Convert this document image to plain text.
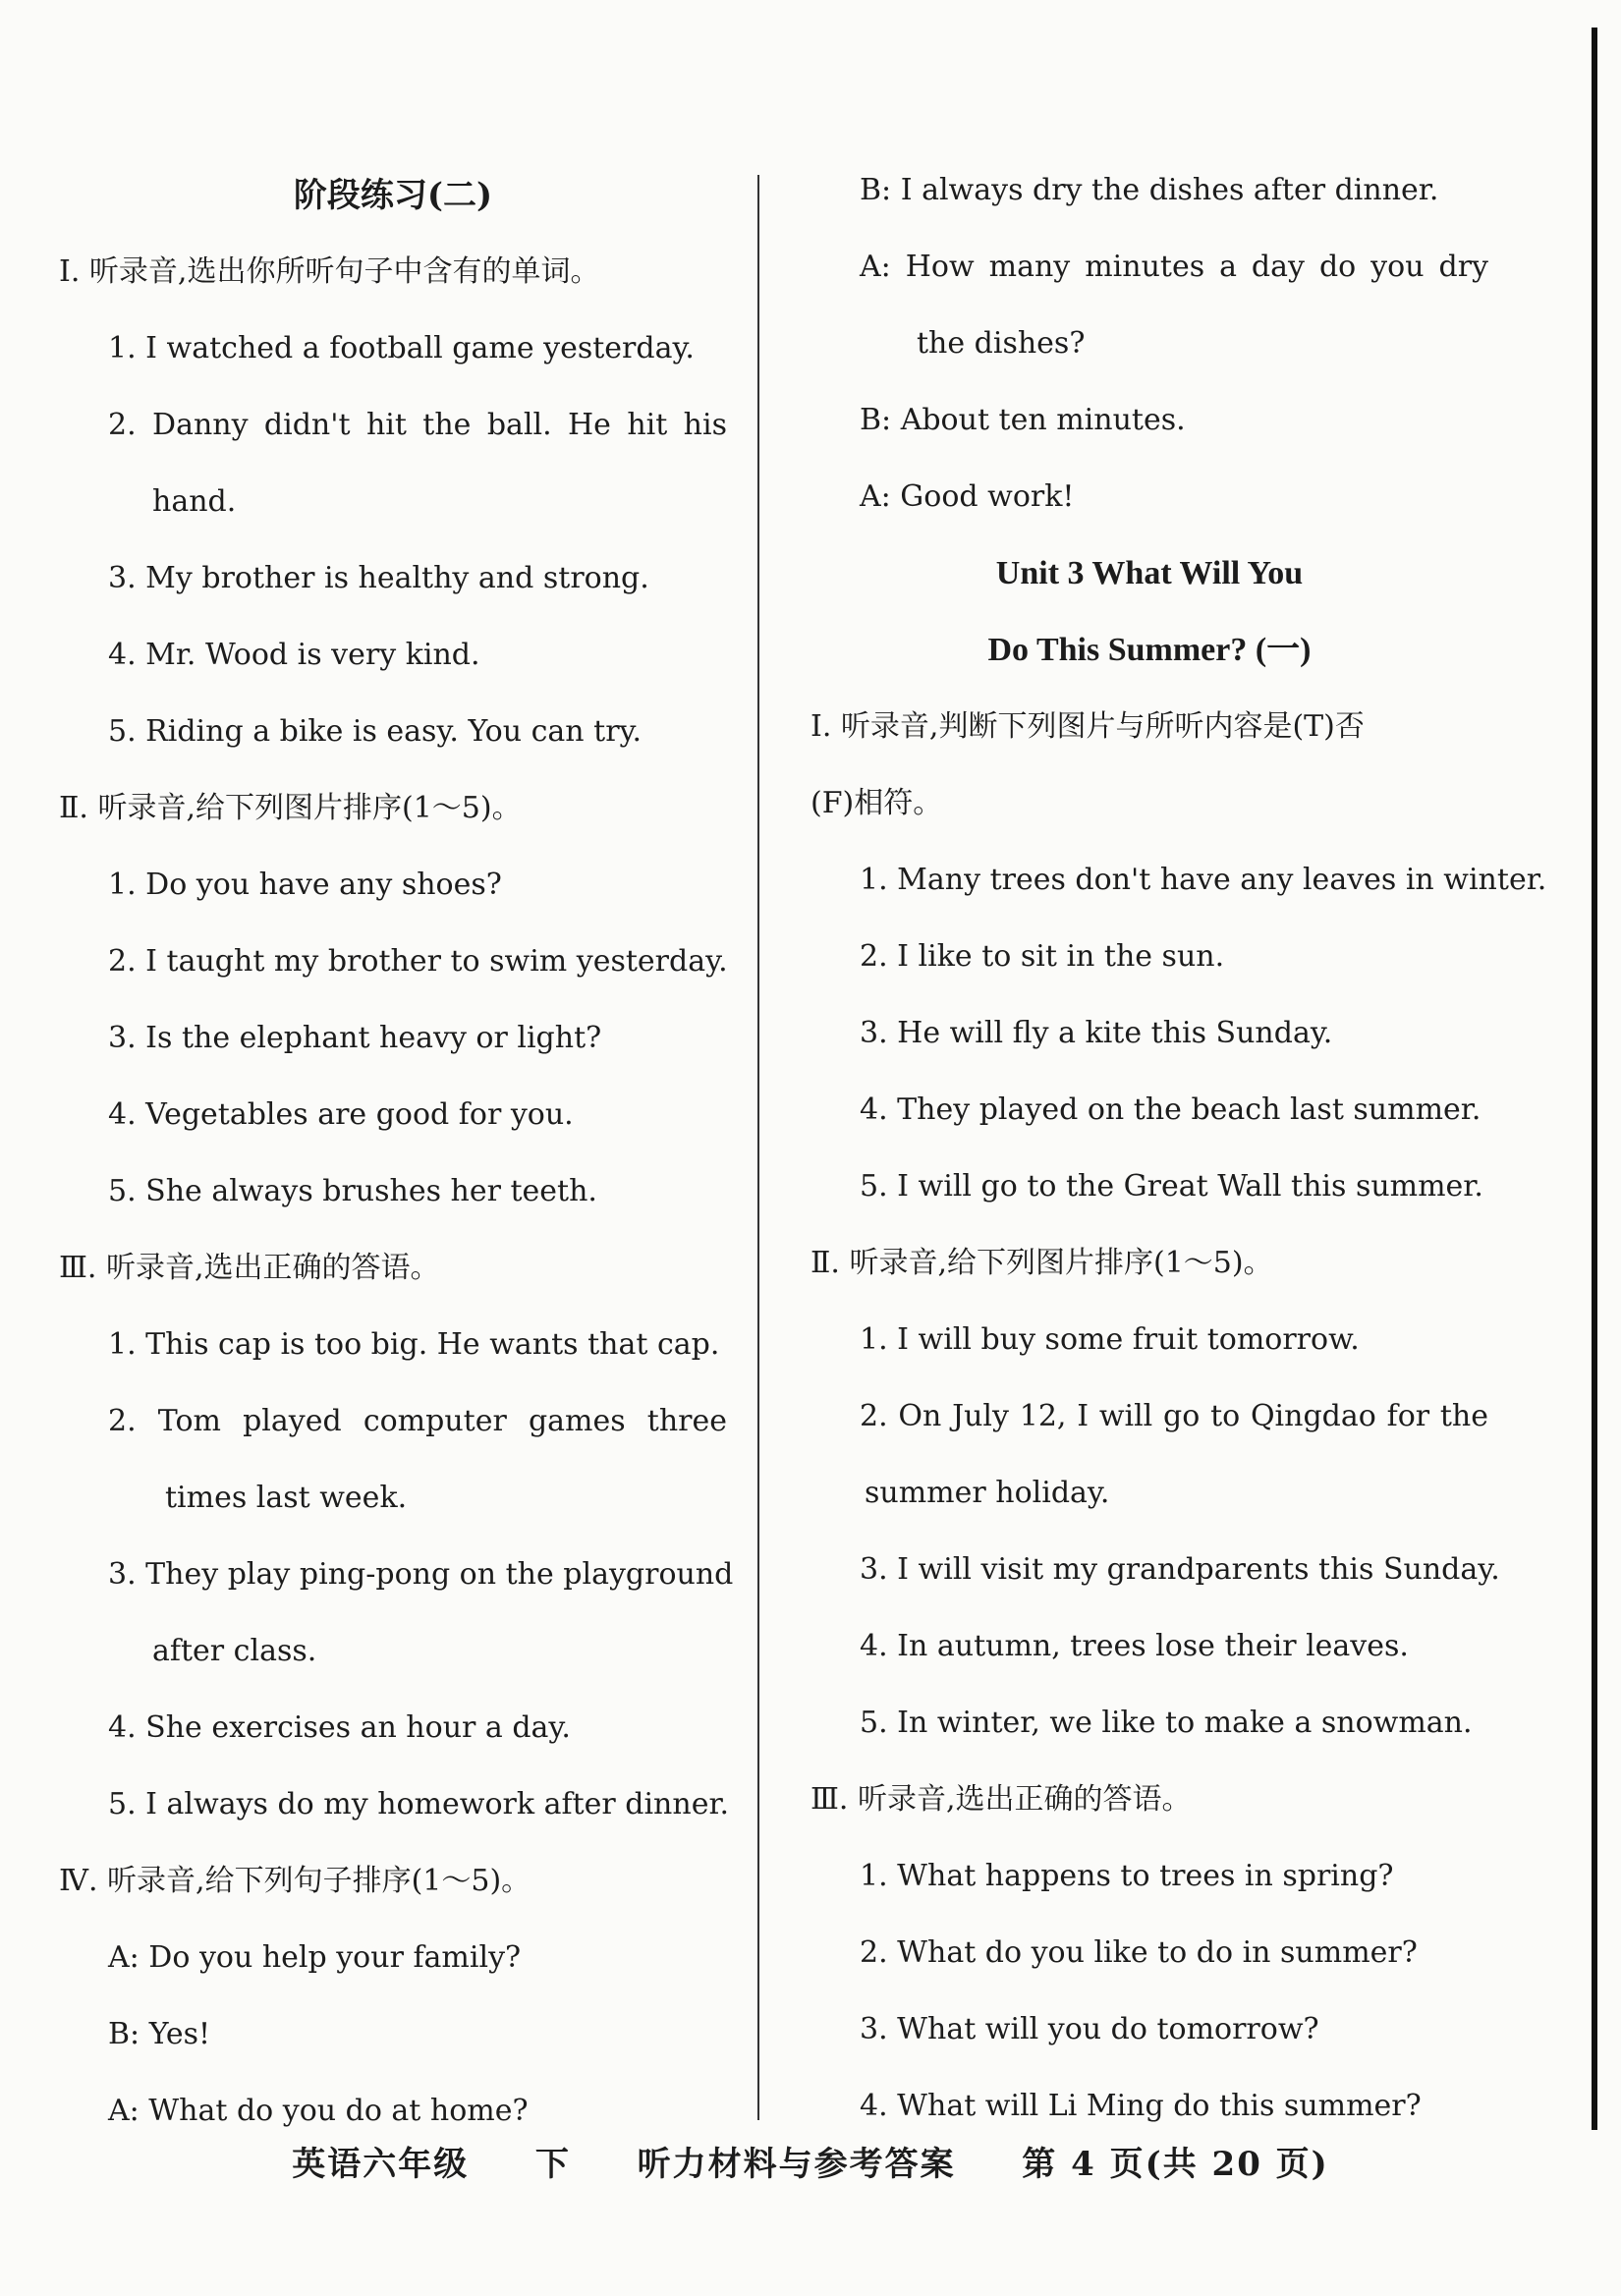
阶段练习(二)
Ⅰ. 听录音,选出你所听句子中含有的单词。
1. I watched a football game yesterday.
2. Danny didn't hit the ball. He hit his
hand.
3. My brother is healthy and strong.
4. Mr. Wood is very kind.
5. Riding a bike is easy. You can try.
Ⅱ. 听录音,给下列图片排序(1～5)。
1. Do you have any shoes?
2. I taught my brother to swim yesterday.
3. Is the elephant heavy or light?
4. Vegetables are good for you.
5. She always brushes her teeth.
Ⅲ. 听录音,选出正确的答语。
1. This cap is too big. He wants that cap.
2. Tom played computer games three
times last week.
3. They play ping-pong on the playground
after class.
4. She exercises an hour a day.
5. I always do my homework after dinner.
Ⅳ. 听录音,给下列句子排序(1～5)。
A: Do you help your family?
B: Yes!
A: What do you do at home?
B: I always dry the dishes after dinner.
A: How many minutes a day do you dry
the dishes?
B: About ten minutes.
A: Good work!
Unit 3 What Will You
Do This Summer? (一)
Ⅰ. 听录音,判断下列图片与所听内容是(T)否
(F)相符。
1. Many trees don't have any leaves in winter.
2. I like to sit in the sun.
3. He will fly a kite this Sunday.
4. They played on the beach last summer.
5. I will go to the Great Wall this summer.
Ⅱ. 听录音,给下列图片排序(1～5)。
1. I will buy some fruit tomorrow.
2. On July 12, I will go to Qingdao for the
summer holiday.
3. I will visit my grandparents this Sunday.
4. In autumn, trees lose their leaves.
5. In winter, we like to make a snowman.
Ⅲ. 听录音,选出正确的答语。
1. What happens to trees in spring?
2. What do you like to do in summer?
3. What will you do tomorrow?
4. What will Li Ming do this summer?
英语六年级 下 听力材料与参考答案 第 4 页(共 20 页)
